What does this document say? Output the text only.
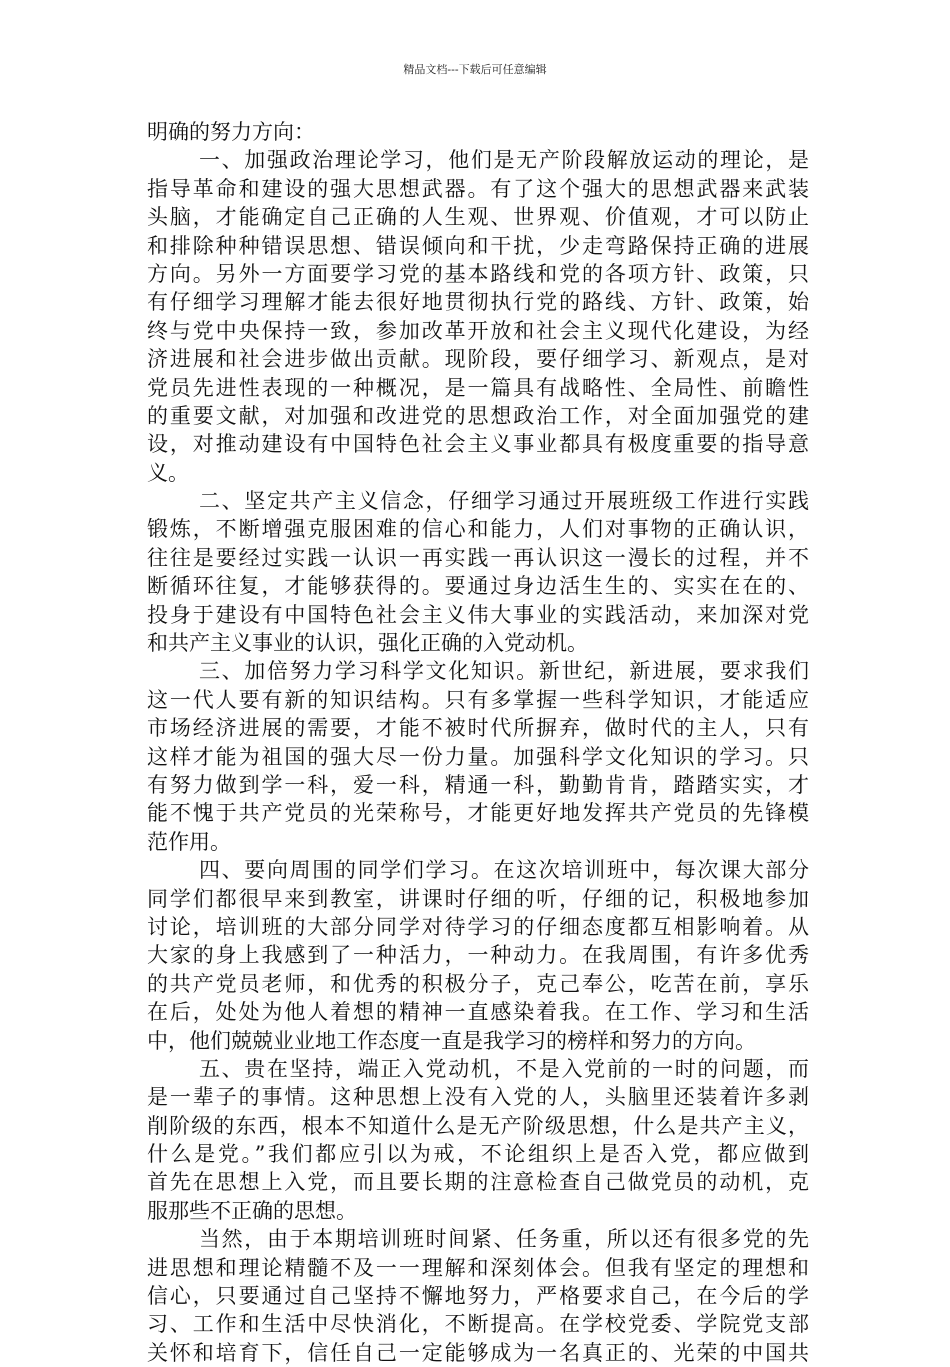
精品文档---下载后可任意编辑
明确的努力方向：
一、加强政治理论学习，他们是无产阶段解放运动的理论，是
指导革命和建设的强大思想武器。有了这个强大的思想武器来武装
头脑，才能确定自己正确的人生观、世界观、价值观，才可以防止
和排除种种错误思想、错误倾向和干扰，少走弯路保持正确的进展
方向。另外一方面要学习党的基本路线和党的各项方针、政策，只
有仔细学习理解才能去很好地贯彻执行党的路线、方针、政策，始
终与党中央保持一致，参加改革开放和社会主义现代化建设，为经
济进展和社会进步做出贡献。现阶段，要仔细学习、新观点，是对
党员先进性表现的一种概况，是一篇具有战略性、全局性、前瞻性
的重要文献，对加强和改进党的思想政治工作，对全面加强党的建
设，对推动建设有中国特色社会主义事业都具有极度重要的指导意
义。
二、坚定共产主义信念，仔细学习通过开展班级工作进行实践
锻炼，不断增强克服困难的信心和能力，人们对事物的正确认识，
往往是要经过实践一认识一再实践一再认识这一漫长的过程，并不
断循环往复，才能够获得的。要通过身边活生生的、实实在在的、
投身于建设有中国特色社会主义伟大事业的实践活动，来加深对党
和共产主义事业的认识，强化正确的入党动机。
三、加倍努力学习科学文化知识。新世纪，新进展，要求我们
这一代人要有新的知识结构。只有多掌握一些科学知识，才能适应
市场经济进展的需要，才能不被时代所摒弃，做时代的主人，只有
这样才能为祖国的强大尽一份力量。加强科学文化知识的学习。只
有努力做到学一科，爱一科，精通一科，勤勤肯肯，踏踏实实，才
能不愧于共产党员的光荣称号，才能更好地发挥共产党员的先锋模
范作用。
四、要向周围的同学们学习。在这次培训班中，每次课大部分
同学们都很早来到教室，讲课时仔细的听，仔细的记，积极地参加
讨论，培训班的大部分同学对待学习的仔细态度都互相影响着。从
大家的身上我感到了一种活力，一种动力。在我周围，有许多优秀
的共产党员老师，和优秀的积极分子，克己奉公，吃苦在前，享乐
在后，处处为他人着想的精神一直感染着我。在工作、学习和生活
中，他们兢兢业业地工作态度一直是我学习的榜样和努力的方向。
五、贵在坚持，端正入党动机，不是入党前的一时的问题，而
是一辈子的事情。这种思想上没有入党的人，头脑里还装着许多剥
削阶级的东西，根本不知道什么是无产阶级思想，什么是共产主义，
什么是党。”我们都应引以为戒，不论组织上是否入党，都应做到
首先在思想上入党，而且要长期的注意检查自己做党员的动机，克
服那些不正确的思想。
当然，由于本期培训班时间紧、任务重，所以还有很多党的先
进思想和理论精髓不及一一理解和深刻体会。但我有坚定的理想和
信心，只要通过自己坚持不懈地努力，严格要求自己，在今后的学
习、工作和生活中尽快消化，不断提高。在学校党委、学院党支部
关怀和培育下，信任自己一定能够成为一名真正的、光荣的中国共
